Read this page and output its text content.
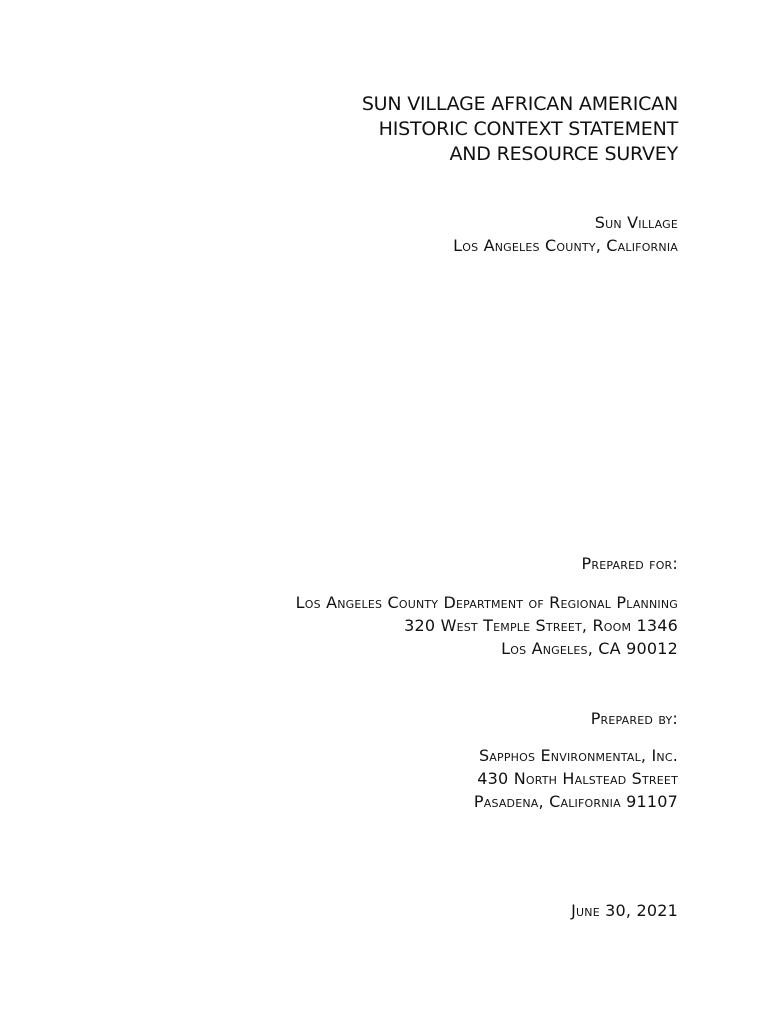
SUN VILLAGE AFRICAN AMERICAN
HISTORIC CONTEXT STATEMENT
AND RESOURCE SURVEY
Sun Village
Los Angeles County, California
Prepared for:
Los Angeles County Department of Regional Planning
320 West Temple Street, Room 1346
Los Angeles, CA 90012
Prepared by:
Sapphos Environmental, Inc.
430 North Halstead Street
Pasadena, California 91107
June 30, 2021
